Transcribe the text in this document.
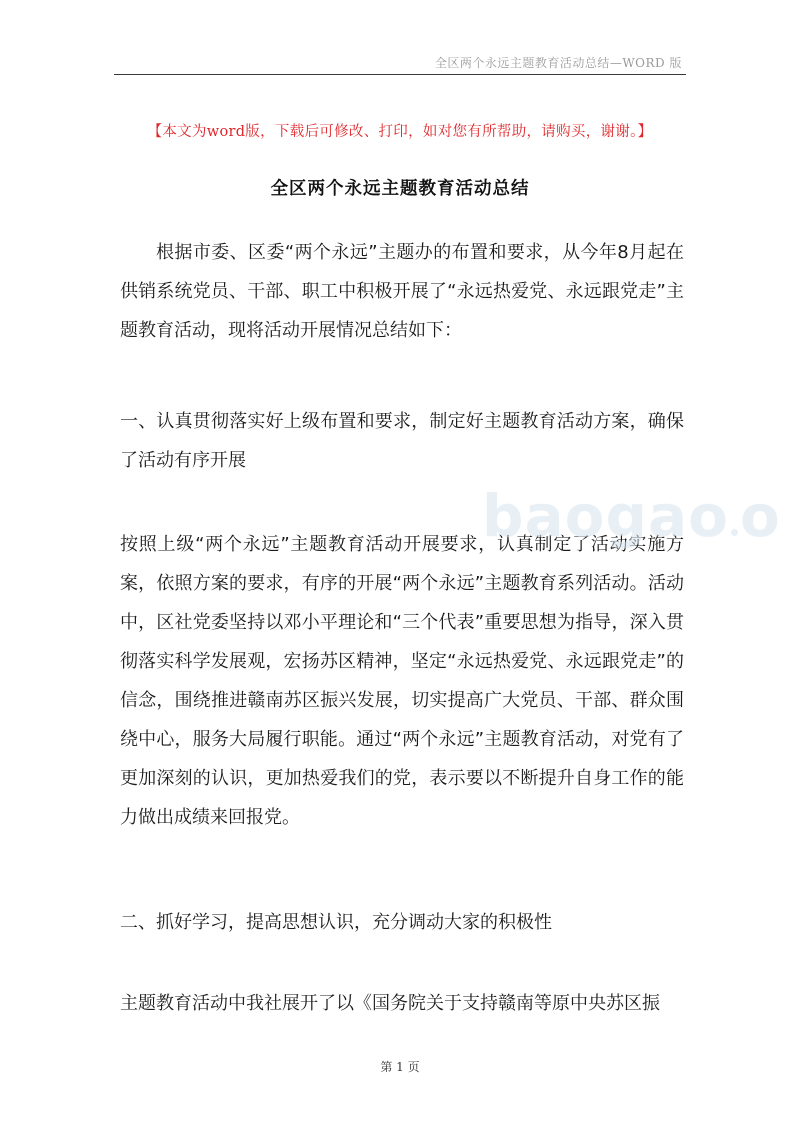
全区两个永远主题教育活动总结—WORD 版
【本文为word版，下载后可修改、打印，如对您有所帮助，请购买，谢谢。】
全区两个永远主题教育活动总结

根据市委、区委“两个永远”主题办的布置和要求，从今年8月起在供销系统党员、干部、职工中积极开展了“永远热爱党、永远跟党走”主题教育活动，现将活动开展情况总结如下：

一、认真贯彻落实好上级布置和要求，制定好主题教育活动方案，确保了活动有序开展

按照上级“两个永远”主题教育活动开展要求，认真制定了活动实施方案，依照方案的要求，有序的开展“两个永远”主题教育系列活动。活动中，区社党委坚持以邓小平理论和“三个代表”重要思想为指导，深入贯彻落实科学发展观，宏扬苏区精神，坚定“永远热爱党、永远跟党走”的信念，围绕推进赣南苏区振兴发展，切实提高广大党员、干部、群众围绕中心，服务大局履行职能。通过“两个永远”主题教育活动，对党有了更加深刻的认识，更加热爱我们的党，表示要以不断提升自身工作的能力做出成绩来回报党。

baogao o

二、抓好学习，提高思想认识，充分调动大家的积极性

主题教育活动中我社展开了以《国务院关于支持赣南等原中央苏区振

第 1 页
